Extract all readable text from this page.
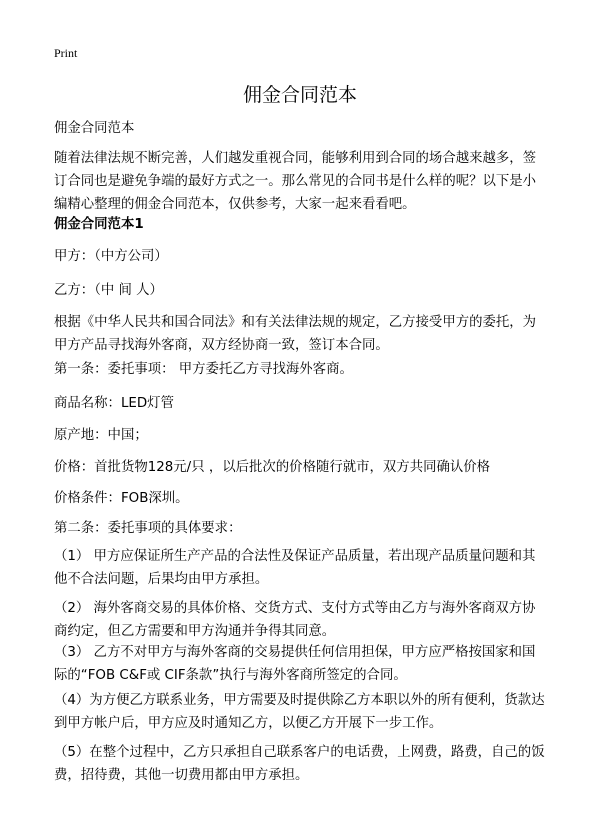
Print
佣金合同范本

佣金合同范本

随着法律法规不断完善，人们越发重视合同，能够利用到合同的场合越来越多，签订合同也是避免争端的最好方式之一。那么常见的合同书是什么样的呢？以下是小编精心整理的佣金合同范本，仅供参考，大家一起来看看吧。

佣金合同范本1

甲方：（中方公司）

乙方：（中 间 人）

根据《中华人民共和国合同法》和有关法律法规的规定，乙方接受甲方的委托，为甲方产品寻找海外客商，双方经协商一致，签订本合同。

第一条：委托事项： 甲方委托乙方寻找海外客商。

商品名称：LED灯管

原产地：中国；

价格：首批货物128元/只 ，以后批次的价格随行就市，双方共同确认价格

价格条件：FOB深圳。

第二条：委托事项的具体要求：

（1） 甲方应保证所生产产品的合法性及保证产品质量，若出现产品质量问题和其他不合法问题，后果均由甲方承担。

（2） 海外客商交易的具体价格、交货方式、支付方式等由乙方与海外客商双方协商约定，但乙方需要和甲方沟通并争得其同意。

（3） 乙方不对甲方与海外客商的交易提供任何信用担保，甲方应严格按国家和国际的“FOB C&F或 CIF条款”执行与海外客商所签定的合同。

（4）为方便乙方联系业务，甲方需要及时提供除乙方本职以外的所有便利，货款达到甲方帐户后，甲方应及时通知乙方，以便乙方开展下一步工作。

（5）在整个过程中，乙方只承担自己联系客户的电话费，上网费，路费，自己的饭费，招待费，其他一切费用都由甲方承担。
